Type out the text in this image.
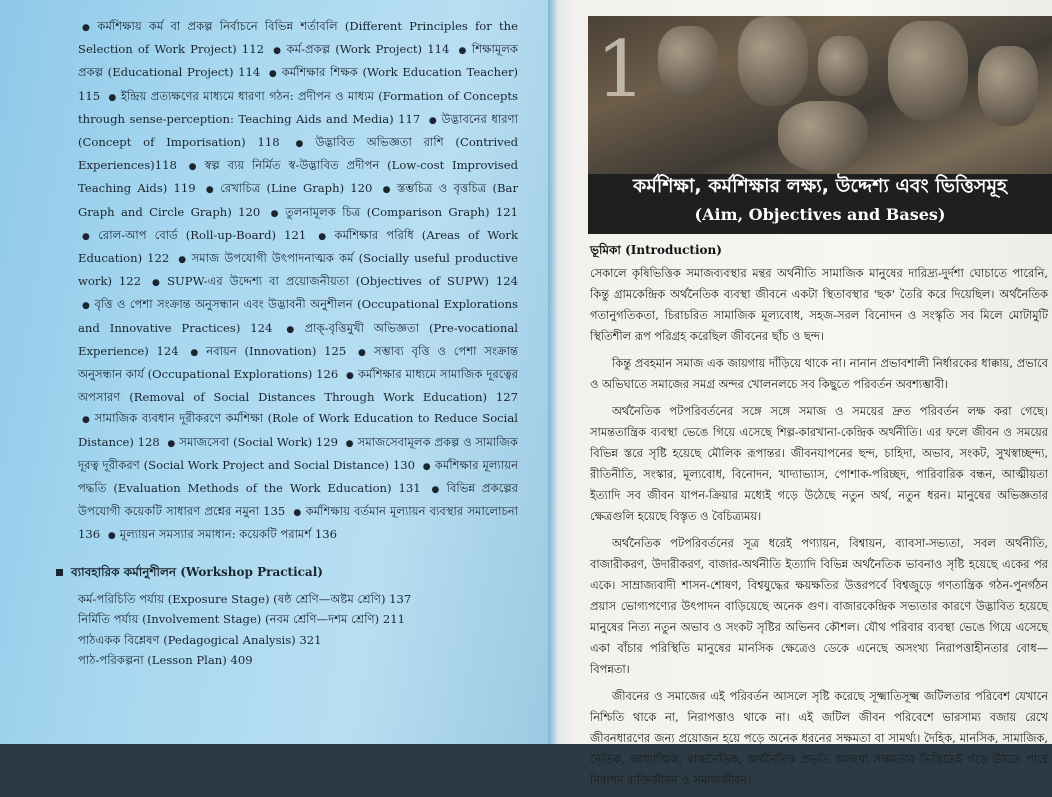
● কর্মশিক্ষায় কর্ম বা প্রকল্প নির্বাচনে বিভিন্ন শর্তাবলি (Different Principles for the Selection of Work Project) 112 ● কর্ম-প্রকল্প (Work Project) 114 ● শিক্ষামূলক প্রকল্প (Educational Project) 114 ● কর্মশিক্ষার শিক্ষক (Work Education Teacher) 115 ● ইন্দ্রিয় প্রত্যক্ষণের মাধ্যমে ধারণা গঠন: প্রদীপন ও মাধ্যম (Formation of Concepts through sense-perception: Teaching Aids and Media) 117 ● উদ্ভাবনের ধারণা (Concept of Imporisation) 118 ● উদ্ভাবিত অভিজ্ঞতা রাশি (Contrived Experiences)118 ● স্বল্প ব্যয় নির্মিত স্ব-উদ্ভাবিত প্রদীপন (Low-cost Improvised Teaching Aids) 119 ● রেখাচিত্র (Line Graph) 120 ● স্তম্ভচিত্র ও বৃত্তচিত্র (Bar Graph and Circle Graph) 120 ● তুলনামূলক চিত্র (Comparison Graph) 121 ● রোল-আপ বোর্ড (Roll-up-Board) 121 ● কর্মশিক্ষার পরিধি (Areas of Work Education) 122 ● সমাজ উপযোগী উৎপাদনাত্মক কর্ম (Socially useful productive work) 122 ● SUPW-এর উদ্দেশ্য বা প্রয়োজনীয়তা (Objectives of SUPW) 124 ● বৃত্তি ও পেশা সংক্রান্ত অনুসন্ধান এবং উদ্ভাবনী অনুশীলন (Occupational Explorations and Innovative Practices) 124 ● প্রাক্-বৃত্তিমুখী অভিজ্ঞতা (Pre-vocational Experience) 124 ● নবায়ন (Innovation) 125 ● সম্ভাব্য বৃত্তি ও পেশা সংক্রান্ত অনুসন্ধান কার্য (Occupational Explorations) 126 ● কর্মশিক্ষার মাধ্যমে সামাজিক দূরত্বের অপসারণ (Removal of Social Distances Through Work Education) 127 ● সামাজিক ব্যবধান দূরীকরণে কর্মশিক্ষা (Role of Work Education to Reduce Social Distance) 128 ● সমাজসেবা (Social Work) 129 ● সমাজসেবামূলক প্রকল্প ও সামাজিক দূরত্ব দূরীকরণ (Social Work Project and Social Distance) 130 ● কর্মশিক্ষার মূল্যায়ন পদ্ধতি (Evaluation Methods of the Work Education) 131 ● বিভিন্ন প্রকল্পের উপযোগী কয়েকটি সাধারণ প্রশ্নের নমুনা 135 ● কর্মশিক্ষায় বর্তমান মূল্যায়ন ব্যবস্থার সমালোচনা 136 ● মূল্যায়ন সমস্যার সমাধান: কয়েকটি পরামর্শ 136

ব্যাবহারিক কর্মানুশীলন (Workshop Practical)
কর্ম-পরিচিতি পর্যায় (Exposure Stage) (ষষ্ঠ শ্রেণি—অষ্টম শ্রেণি) 137
নির্মিতি পর্যায় (Involvement Stage) (নবম শ্রেণি—দশম শ্রেণি) 211
পাঠএকক বিশ্লেষণ (Pedagogical Analysis) 321
পাঠ-পরিকল্পনা (Lesson Plan) 409
1
কর্মশিক্ষা, কর্মশিক্ষার লক্ষ্য, উদ্দেশ্য এবং ভিত্তিসমূহ
(Aim, Objectives and Bases)
ভূমিকা (Introduction)

সেকালে কৃষিভিত্তিক সমাজব্যবস্থার মন্থর অর্থনীতি সামাজিক মানুষের দারিদ্র্য-দুর্দশা ঘোচাতে পারেনি, কিন্তু গ্রামকেন্দ্রিক অর্থনৈতিক ব্যবস্থা জীবনে একটা স্থিতাবস্থার 'ছক' তৈরি করে দিয়েছিল। অর্থনৈতিক গতানুগতিকতা, চিরাচরিত সামাজিক মূল্যবোধ, সহজ-সরল বিনোদন ও সংস্কৃতি সব মিলে মোটামুটি স্থিতিশীল রূপ পরিগ্রহ করেছিল জীবনের ছাঁচ ও ছন্দ।

কিন্তু প্রবহমান সমাজ এক জায়গায় দাঁড়িয়ে থাকে না। নানান প্রভাবশালী নির্ধারকের ধাক্কায়, প্রভাবে ও অভিঘাতে সমাজের সমগ্র অন্দর খোলনলচে সব কিছুতে পরিবর্তন অবশ্যম্ভাবী।

অর্থনৈতিক পটপরিবর্তনের সঙ্গে সঙ্গে সমাজ ও সময়ের দ্রুত পরিবর্তন লক্ষ করা গেছে। সামন্ততান্ত্রিক ব্যবস্থা ভেঙে গিয়ে এসেছে শিল্প-কারখানা-কেন্দ্রিক অর্থনীতি। এর ফলে জীবন ও সময়ের বিভিন্ন স্তরে সৃষ্টি হয়েছে মৌলিক রূপান্তর। জীবনযাপনের ছন্দ, চাহিদা, অভাব, সংকট, সুখস্বাচ্ছন্দ্য, রীতিনীতি, সংস্কার, মূল্যবোধ, বিনোদন, খাদ্যাভ্যাস, পোশাক-পরিচ্ছদ, পারিবারিক বন্ধন, আত্মীয়তা ইত্যাদি সব জীবন যাপন-ক্রিয়ার মধ্যেই গড়ে উঠেছে নতুন অর্থ, নতুন ধরন। মানুষের অভিজ্ঞতার ক্ষেত্রগুলি হয়েছে বিস্তৃত ও বৈচিত্র্যময়।

অর্থনৈতিক পটপরিবর্তনের সূত্র ধরেই পণ্যায়ন, বিশ্বায়ন, ব্যাবসা-সভ্যতা, সবল অর্থনীতি, বাজারীকরণ, উদারীকরণ, বাজার-অর্থনীতি ইত্যাদি বিভিন্ন অর্থনৈতিক ভাবনাও সৃষ্টি হয়েছে একের পর একে। সাম্রাজ্যবাদী শাসন-শোষণ, বিশ্বযুদ্ধের ক্ষয়ক্ষতির উত্তরপর্বে বিশ্বজুড়ে গণতান্ত্রিক গঠন-পুনর্গঠন প্রয়াস ভোগ্যপণ্যের উৎপাদন বাড়িয়েছে অনেক গুণ। বাজারকেন্দ্রিক সভ্যতার কারণে উদ্ভাবিত হয়েছে মানুষের নিত্য নতুন অভাব ও সংকট সৃষ্টির অভিনব কৌশল। যৌথ পরিবার ব্যবস্থা ভেঙে গিয়ে এসেছে একা বাঁচার পরিস্থিতি মানুষের মানসিক ক্ষেত্রেও ডেকে এনেছে অসংখ্য নিরাপত্তাহীনতার বোধ—বিপন্নতা।

জীবনের ও সমাজের এই পরিবর্তন আসলে সৃষ্টি করেছে সূক্ষ্মাতিসূক্ষ্ম জটিলতার পরিবেশ যেখানে নিশ্চিতি থাকে না, নিরাপত্তাও থাকে না। এই জটিল জীবন পরিবেশে ভারসাম্য বজায় রেখে জীবনধারণের জন্য প্রয়োজন হয়ে পড়ে অনেক ধরনের সক্ষমতা বা সামর্থ্য। দৈহিক, মানসিক, সামাজিক, নৈতিক, আধ্যাত্মিক, রাজনৈতিক, অর্থনৈতিক প্রভৃতি অসংখ্য সক্ষমতার ভিত্তিতেই গড়ে উঠতে পারে নিরাপদ ব্যক্তিজীবন ও সমাজজীবন।
